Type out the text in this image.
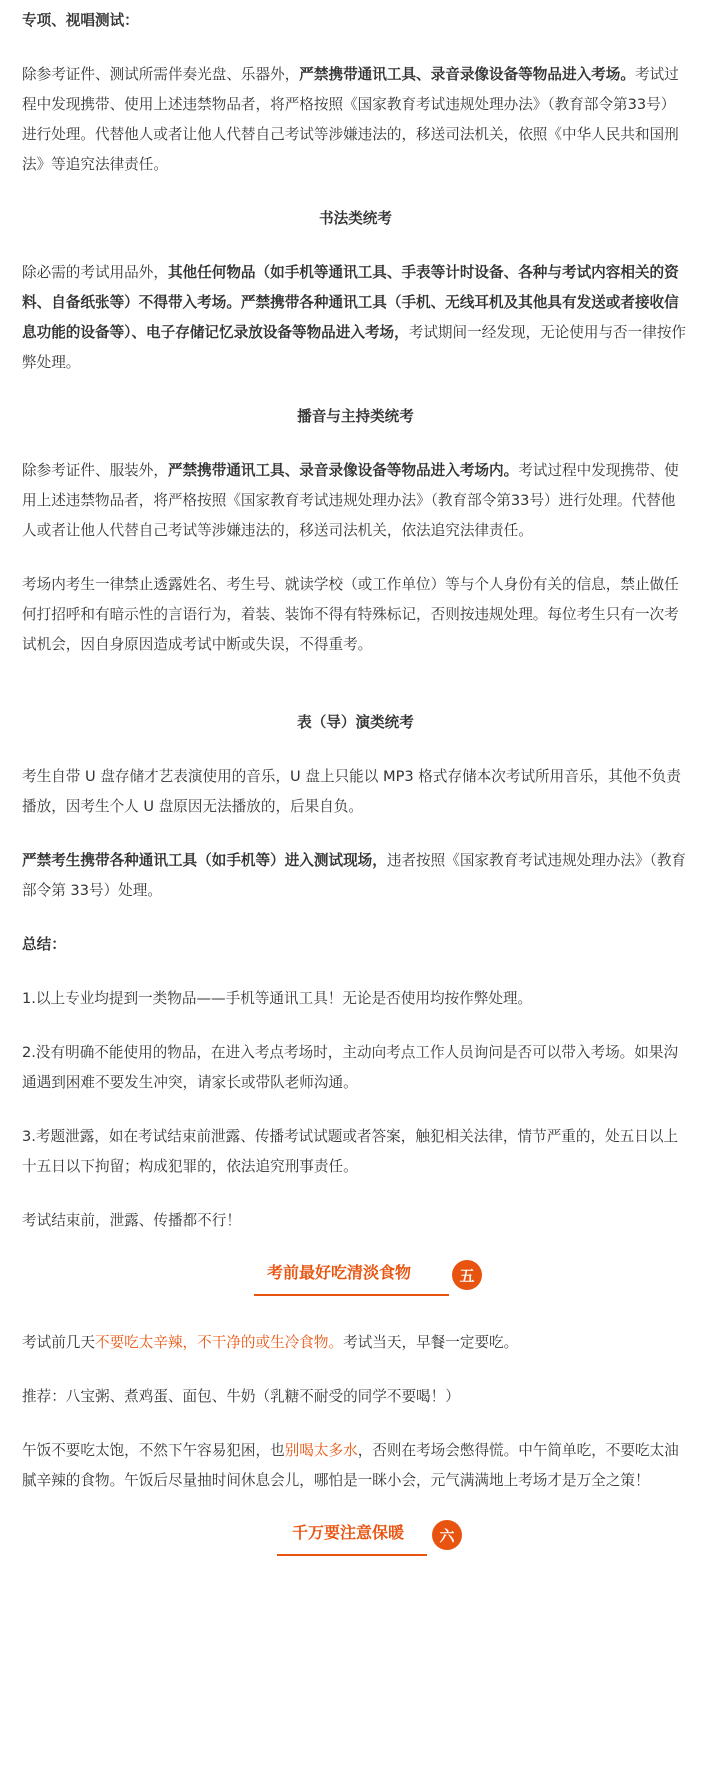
专项、视唱测试：

除参考证件、测试所需伴奏光盘、乐器外，严禁携带通讯工具、录音录像设备等物品进入考场。考试过程中发现携带、使用上述违禁物品者，将严格按照《国家教育考试违规处理办法》（教育部令第33号）进行处理。代替他人或者让他人代替自己考试等涉嫌违法的，移送司法机关，依照《中华人民共和国刑法》等追究法律责任。

书法类统考

除必需的考试用品外，其他任何物品（如手机等通讯工具、手表等计时设备、各种与考试内容相关的资料、自备纸张等）不得带入考场。严禁携带各种通讯工具（手机、无线耳机及其他具有发送或者接收信息功能的设备等）、电子存储记忆录放设备等物品进入考场，考试期间一经发现，无论使用与否一律按作弊处理。

播音与主持类统考

除参考证件、服装外，严禁携带通讯工具、录音录像设备等物品进入考场内。考试过程中发现携带、使用上述违禁物品者，将严格按照《国家教育考试违规处理办法》（教育部令第33号）进行处理。代替他人或者让他人代替自己考试等涉嫌违法的，移送司法机关，依法追究法律责任。

考场内考生一律禁止透露姓名、考生号、就读学校（或工作单位）等与个人身份有关的信息，禁止做任何打招呼和有暗示性的言语行为，着装、装饰不得有特殊标记，否则按违规处理。每位考生只有一次考试机会，因自身原因造成考试中断或失误，不得重考。

表（导）演类统考

考生自带 U 盘存储才艺表演使用的音乐，U 盘上只能以 MP3 格式存储本次考试所用音乐，其他不负责播放，因考生个人 U 盘原因无法播放的，后果自负。

严禁考生携带各种通讯工具（如手机等）进入测试现场，违者按照《国家教育考试违规处理办法》（教育部令第 33号）处理。

总结：

1.以上专业均提到一类物品——手机等通讯工具！无论是否使用均按作弊处理。

2.没有明确不能使用的物品，在进入考点考场时，主动向考点工作人员询问是否可以带入考场。如果沟通遇到困难不要发生冲突，请家长或带队老师沟通。

3.考题泄露，如在考试结束前泄露、传播考试试题或者答案，触犯相关法律，情节严重的，处五日以上十五日以下拘留；构成犯罪的，依法追究刑事责任。

考试结束前，泄露、传播都不行！

考前最好吃清淡食物	五

考试前几天不要吃太辛辣，不干净的或生冷食物。考试当天，早餐一定要吃。

推荐：八宝粥、煮鸡蛋、面包、牛奶（乳糖不耐受的同学不要喝！）

午饭不要吃太饱，不然下午容易犯困，也别喝太多水，否则在考场会憋得慌。中午简单吃，不要吃太油腻辛辣的食物。午饭后尽量抽时间休息会儿，哪怕是一眯小会，元气满满地上考场才是万全之策！

千万要注意保暖	六
